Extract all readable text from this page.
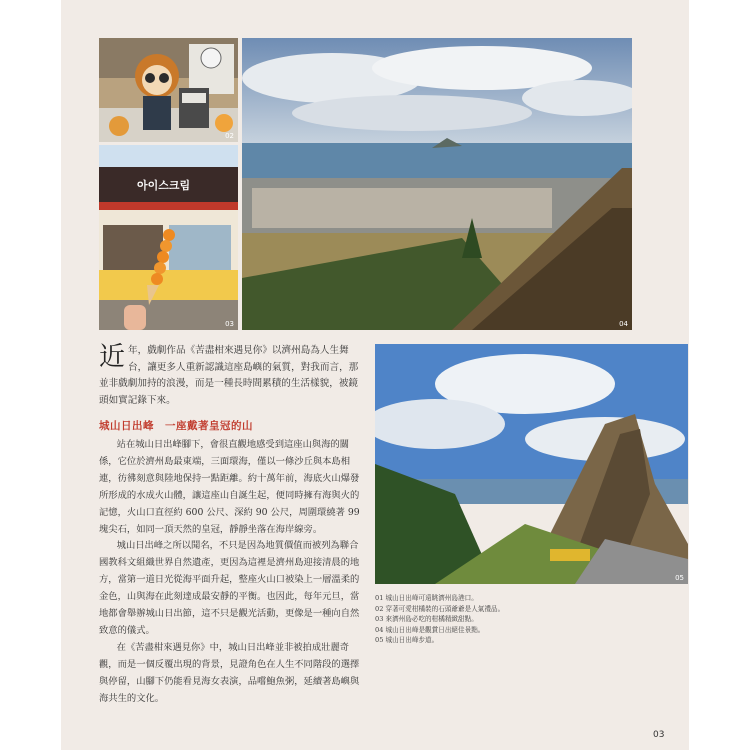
02
아이스크림
03	04
05
近年，戲劇作品《苦盡柑來遇見你》以濟州島為人生舞台，讓更多人重新認識這座島嶼的氣質，對我而言，那並非戲劇加持的浪漫，而是一種長時間累積的生活樣貌，被鏡頭如實記錄下來。
城山日出峰　一座戴著皇冠的山

站在城山日出峰腳下，會很直觀地感受到這座山與海的關係，它位於濟州島最東端，三面環海，僅以一條沙丘與本島相連，彷彿刻意與陸地保持一點距離。約十萬年前，海底火山爆發所形成的水成火山體，讓這座山自誕生起，便同時擁有海與火的記憶，火山口直徑約 600 公尺、深約 90 公尺，周圍環繞著 99 塊尖石，如同一頂天然的皇冠，靜靜坐落在海岸線旁。

城山日出峰之所以聞名，不只是因為地質價值而被列為聯合國教科文組織世界自然遺產，更因為這裡是濟州島迎接清晨的地方，當第一道日光從海平面升起，整座火山口被染上一層溫柔的金色，山與海在此刻達成最安靜的平衡。也因此，每年元旦，當地都會舉辦城山日出節，這不只是觀光活動，更像是一種向自然致意的儀式。

在《苦盡柑來遇見你》中，城山日出峰並非被拍成壯麗奇觀，而是一個反覆出現的背景，見證角色在人生不同階段的選擇與停留，山腳下仍能看見海女表演，品嚐鮑魚粥，延續著島嶼與海共生的文化。

01 城山日出峰可遠眺濟州島港口。
02 穿著可愛柑橘裝的石頭爺爺是人氣禮品。
03 來濟州島必吃的柑橘精緻甜點。
04 城山日出峰是觀賞日出絕佳景點。
05 城山日出峰步道。
03
